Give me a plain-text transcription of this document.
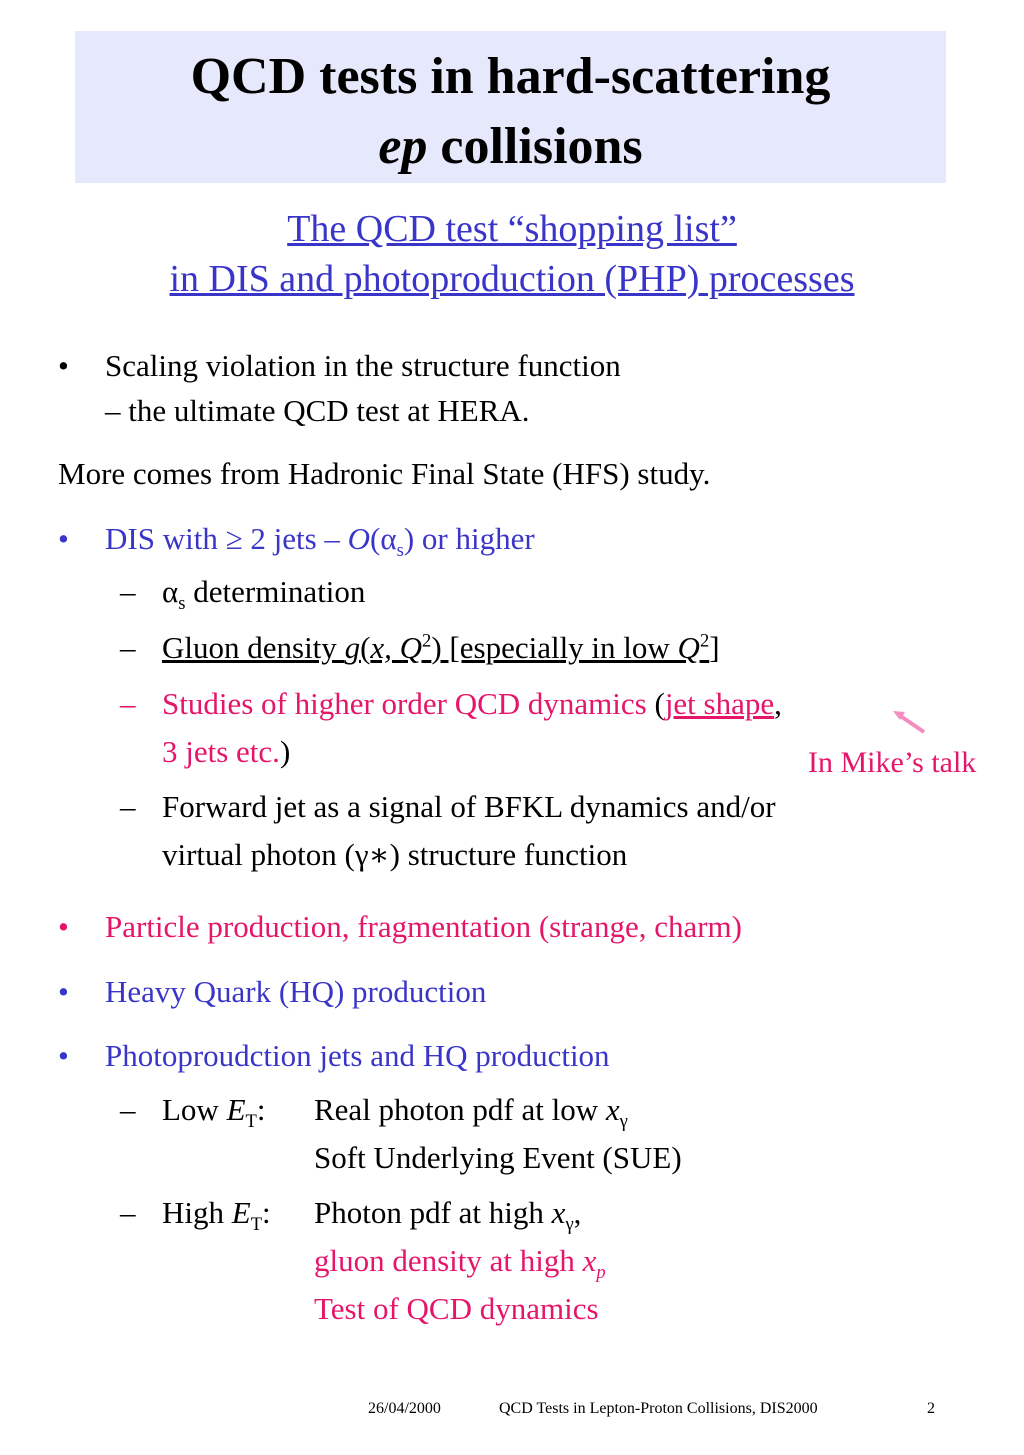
QCD tests in hard-scattering
ep collisions
The QCD test “shopping list”
in DIS and photoproduction (PHP) processes
• Scaling violation in the structure function
– the ultimate QCD test at HERA.
More comes from Hadronic Final State (HFS) study.
• DIS with ≥ 2 jets – $O(\alpha_s)$ or higher
– $\alpha_s$ determination
– Gluon density g(x, $Q^2$) [especially in low $Q^2$]
– Studies of higher order QCD dynamics (jet shape,
3 jets etc.)	In Mike’s talk
– Forward jet as a signal of BFKL dynamics and/or
virtual photon (γ∗) structure function
• Particle production, fragmentation (strange, charm)
• Heavy Quark (HQ) production
• Photoproudction jets and HQ production
– Low $E_T$: Real photon pdf at low $x_\gamma$
Soft Underlying Event (SUE)
– High $E_T$: Photon pdf at high $x_\gamma$,
gluon density at high $x_p$
Test of QCD dynamics
26/04/2000	QCD Tests in Lepton-Proton Collisions, DIS2000	2
